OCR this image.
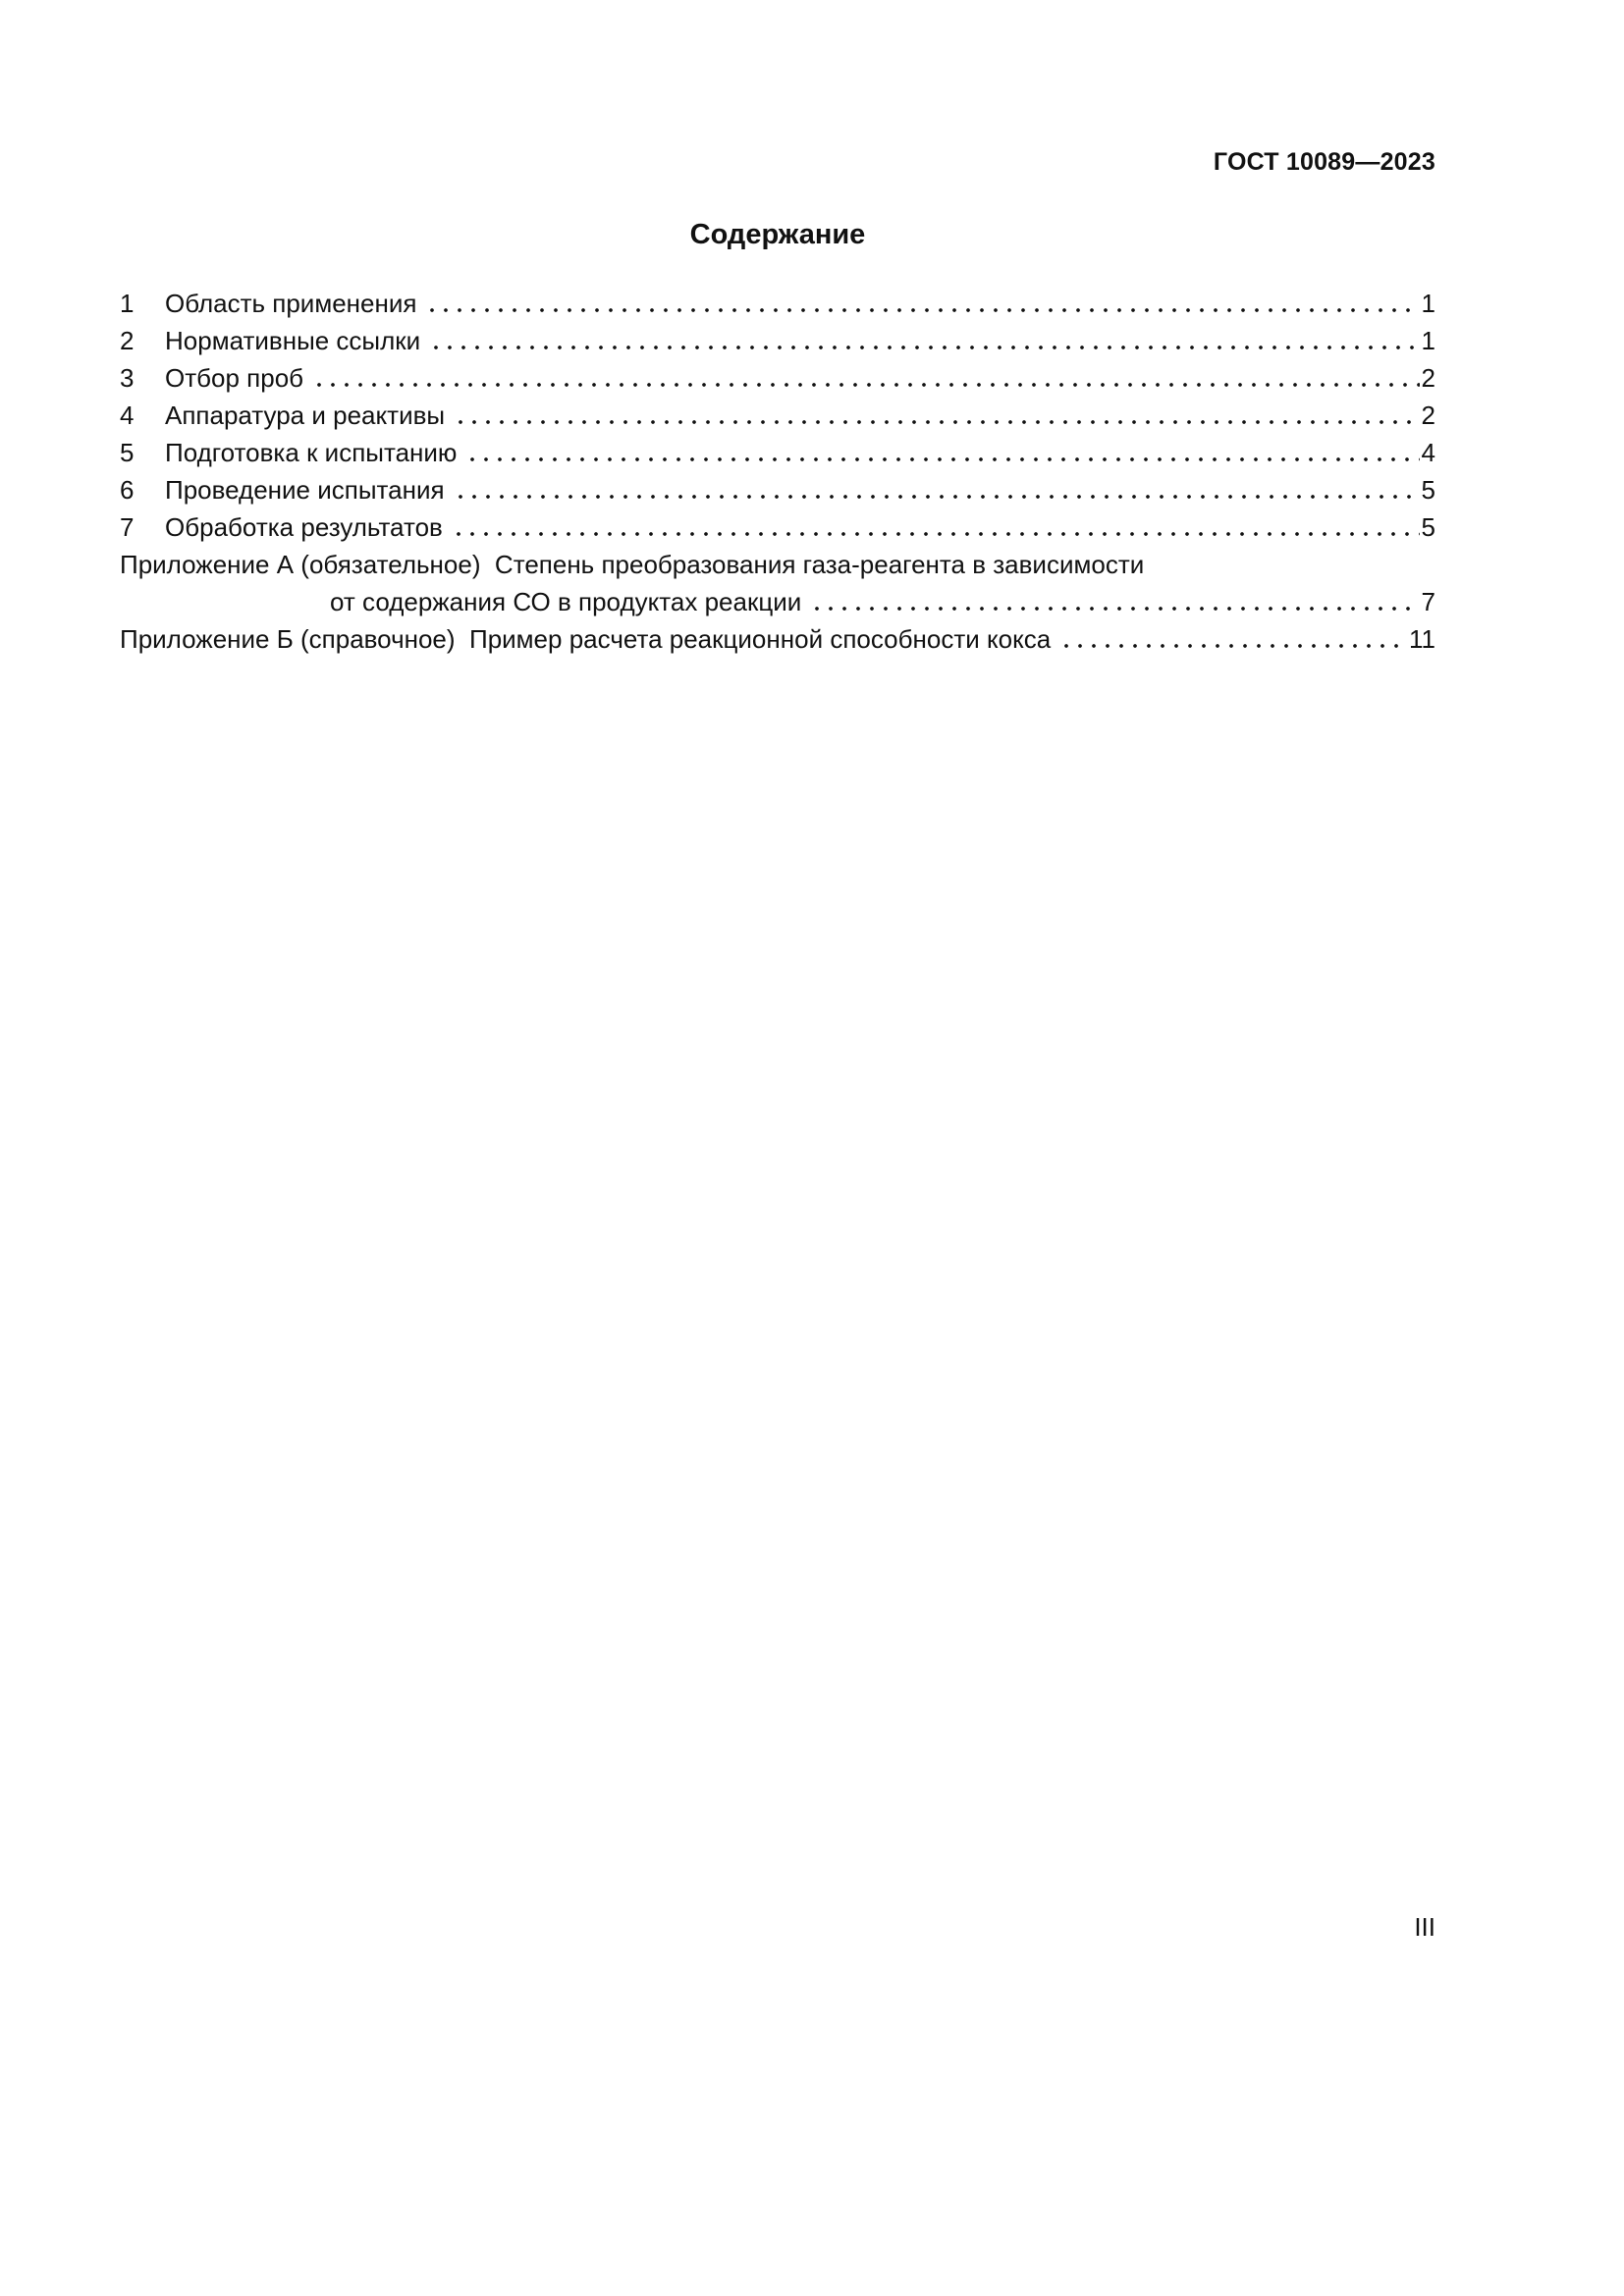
ГОСТ 10089—2023
Содержание
1	Область применения	1
2	Нормативные ссылки	1
3	Отбор проб	2
4	Аппаратура и реактивы	2
5	Подготовка к испытанию	4
6	Проведение испытания	5
7	Обработка результатов	5
Приложение А (обязательное)  Степень преобразования газа-реагента в зависимости
от содержания СО в продуктах реакции	7
Приложение Б (справочное)  Пример расчета реакционной способности кокса	11
III
